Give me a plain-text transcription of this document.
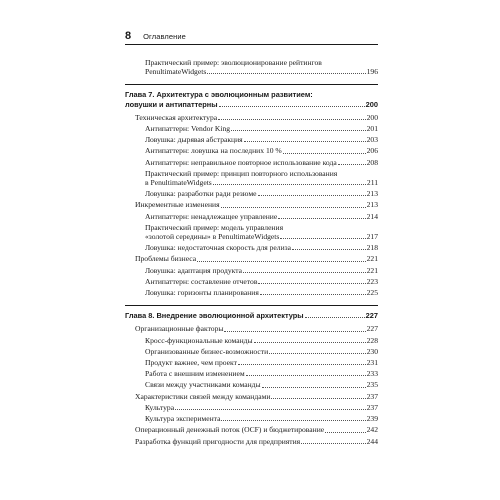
8 Оглавление
Практический пример: эволюционирование рейтингов
PenultimateWidgets	196
Глава 7. Архитектура с эволюционным развитием:
ловушки и антипаттерны	200
Техническая архитектура	200
Антипаттерн: Vendor King	201
Ловушка: дырявая абстракция	203
Антипаттерн: ловушка на последних 10 %	206
Антипаттерн: неправильное повторное использование кода	208
Практический пример: принцип повторного использования
в PenultimateWidgets	211
Ловушка: разработки ради резюме	213
Инкрементные изменения	213
Антипаттерн: ненадлежащее управление	214
Практический пример: модель управления
«золотой середины» в PenultimateWidgets	217
Ловушка: недостаточная скорость для релиза	218
Проблемы бизнеса	221
Ловушка: адаптация продукта	221
Антипаттерн: составление отчетов	223
Ловушка: горизонты планирования	225
Глава 8. Внедрение эволюционной архитектуры	227
Организационные факторы	227
Кросс-функциональные команды	228
Организованные бизнес-возможности	230
Продукт важнее, чем проект	231
Работа с внешним изменением	233
Связи между участниками команды	235
Характеристики связей между командами	237
Культура	237
Культура эксперимента	239
Операционный денежный поток (OCF) и бюджетирование	242
Разработка функций пригодности для предприятия	244
